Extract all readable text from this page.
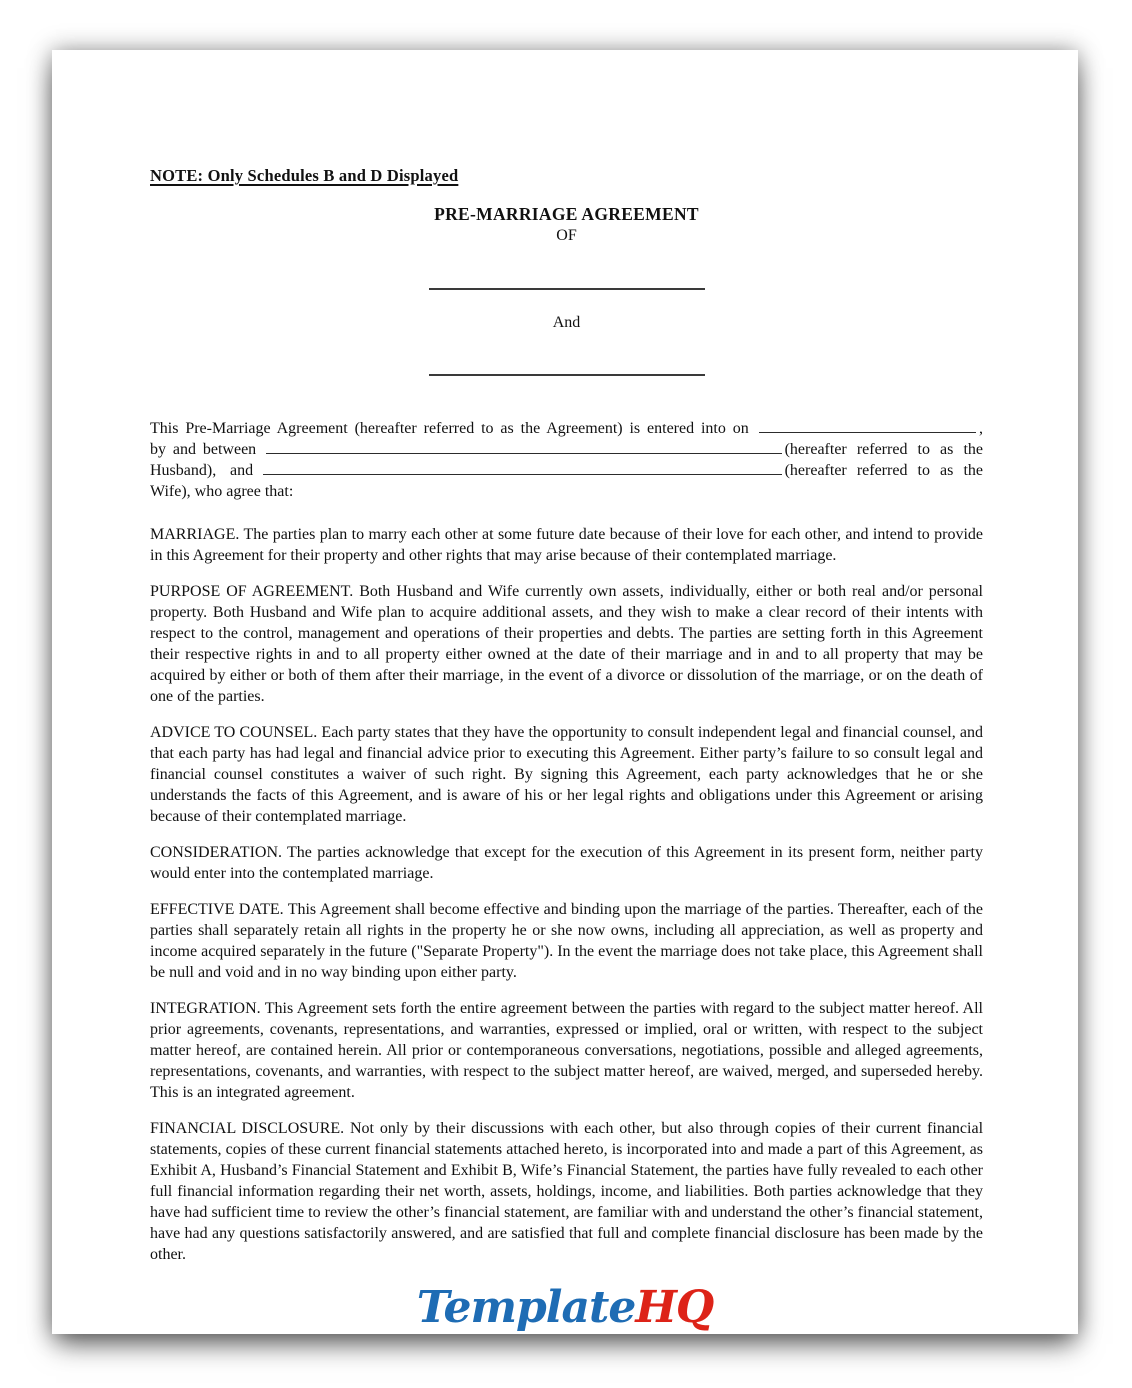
NOTE: Only Schedules B and D Displayed
PRE-MARRIAGE AGREEMENT
OF
And
This Pre-Marriage Agreement (hereafter referred to as the Agreement) is entered into on	,
by and between	(hereafter referred to as the
Husband),  and	(hereafter referred to as the
Wife), who agree that:

MARRIAGE. The parties plan to marry each other at some future date because of their love for each other, and intend to provide in this Agreement for their property and other rights that may arise because of their contemplated marriage.

PURPOSE OF AGREEMENT. Both Husband and Wife currently own assets, individually, either or both real and/or personal property. Both Husband and Wife plan to acquire additional assets, and they wish to make a clear record of their intents with respect to the control, management and operations of their properties and debts. The parties are setting forth in this Agreement their respective rights in and to all property either owned at the date of their marriage and in and to all property that may be acquired by either or both of them after their marriage, in the event of a divorce or dissolution of the marriage, or on the death of one of the parties.

ADVICE TO COUNSEL. Each party states that they have the opportunity to consult independent legal and financial counsel, and that each party has had legal and financial advice prior to executing this Agreement. Either party’s failure to so consult legal and financial counsel constitutes a waiver of such right. By signing this Agreement, each party acknowledges that he or she understands the facts of this Agreement, and is aware of his or her legal rights and obligations under this Agreement or arising because of their contemplated marriage.

CONSIDERATION. The parties acknowledge that except for the execution of this Agreement in its present form, neither party would enter into the contemplated marriage.

EFFECTIVE DATE. This Agreement shall become effective and binding upon the marriage of the parties. Thereafter, each of the parties shall separately retain all rights in the property he or she now owns, including all appreciation, as well as property and income acquired separately in the future ("Separate Property"). In the event the marriage does not take place, this Agreement shall be null and void and in no way binding upon either party.

INTEGRATION. This Agreement sets forth the entire agreement between the parties with regard to the subject matter hereof. All prior agreements, covenants, representations, and warranties, expressed or implied, oral or written, with respect to the subject matter hereof, are contained herein. All prior or contemporaneous conversations, negotiations, possible and alleged agreements, representations, covenants, and warranties, with respect to the subject matter hereof, are waived, merged, and superseded hereby. This is an integrated agreement.

FINANCIAL DISCLOSURE. Not only by their discussions with each other, but also through copies of their current financial statements, copies of these current financial statements attached hereto, is incorporated into and made a part of this Agreement, as Exhibit A, Husband’s Financial Statement and Exhibit B, Wife’s Financial Statement, the parties have fully revealed to each other full financial information regarding their net worth, assets, holdings, income, and liabilities. Both parties acknowledge that they have had sufficient time to review the other’s financial statement, are familiar with and understand the other’s financial statement, have had any questions satisfactorily answered, and are satisfied that full and complete financial disclosure has been made by the other.

TemplateHQ
